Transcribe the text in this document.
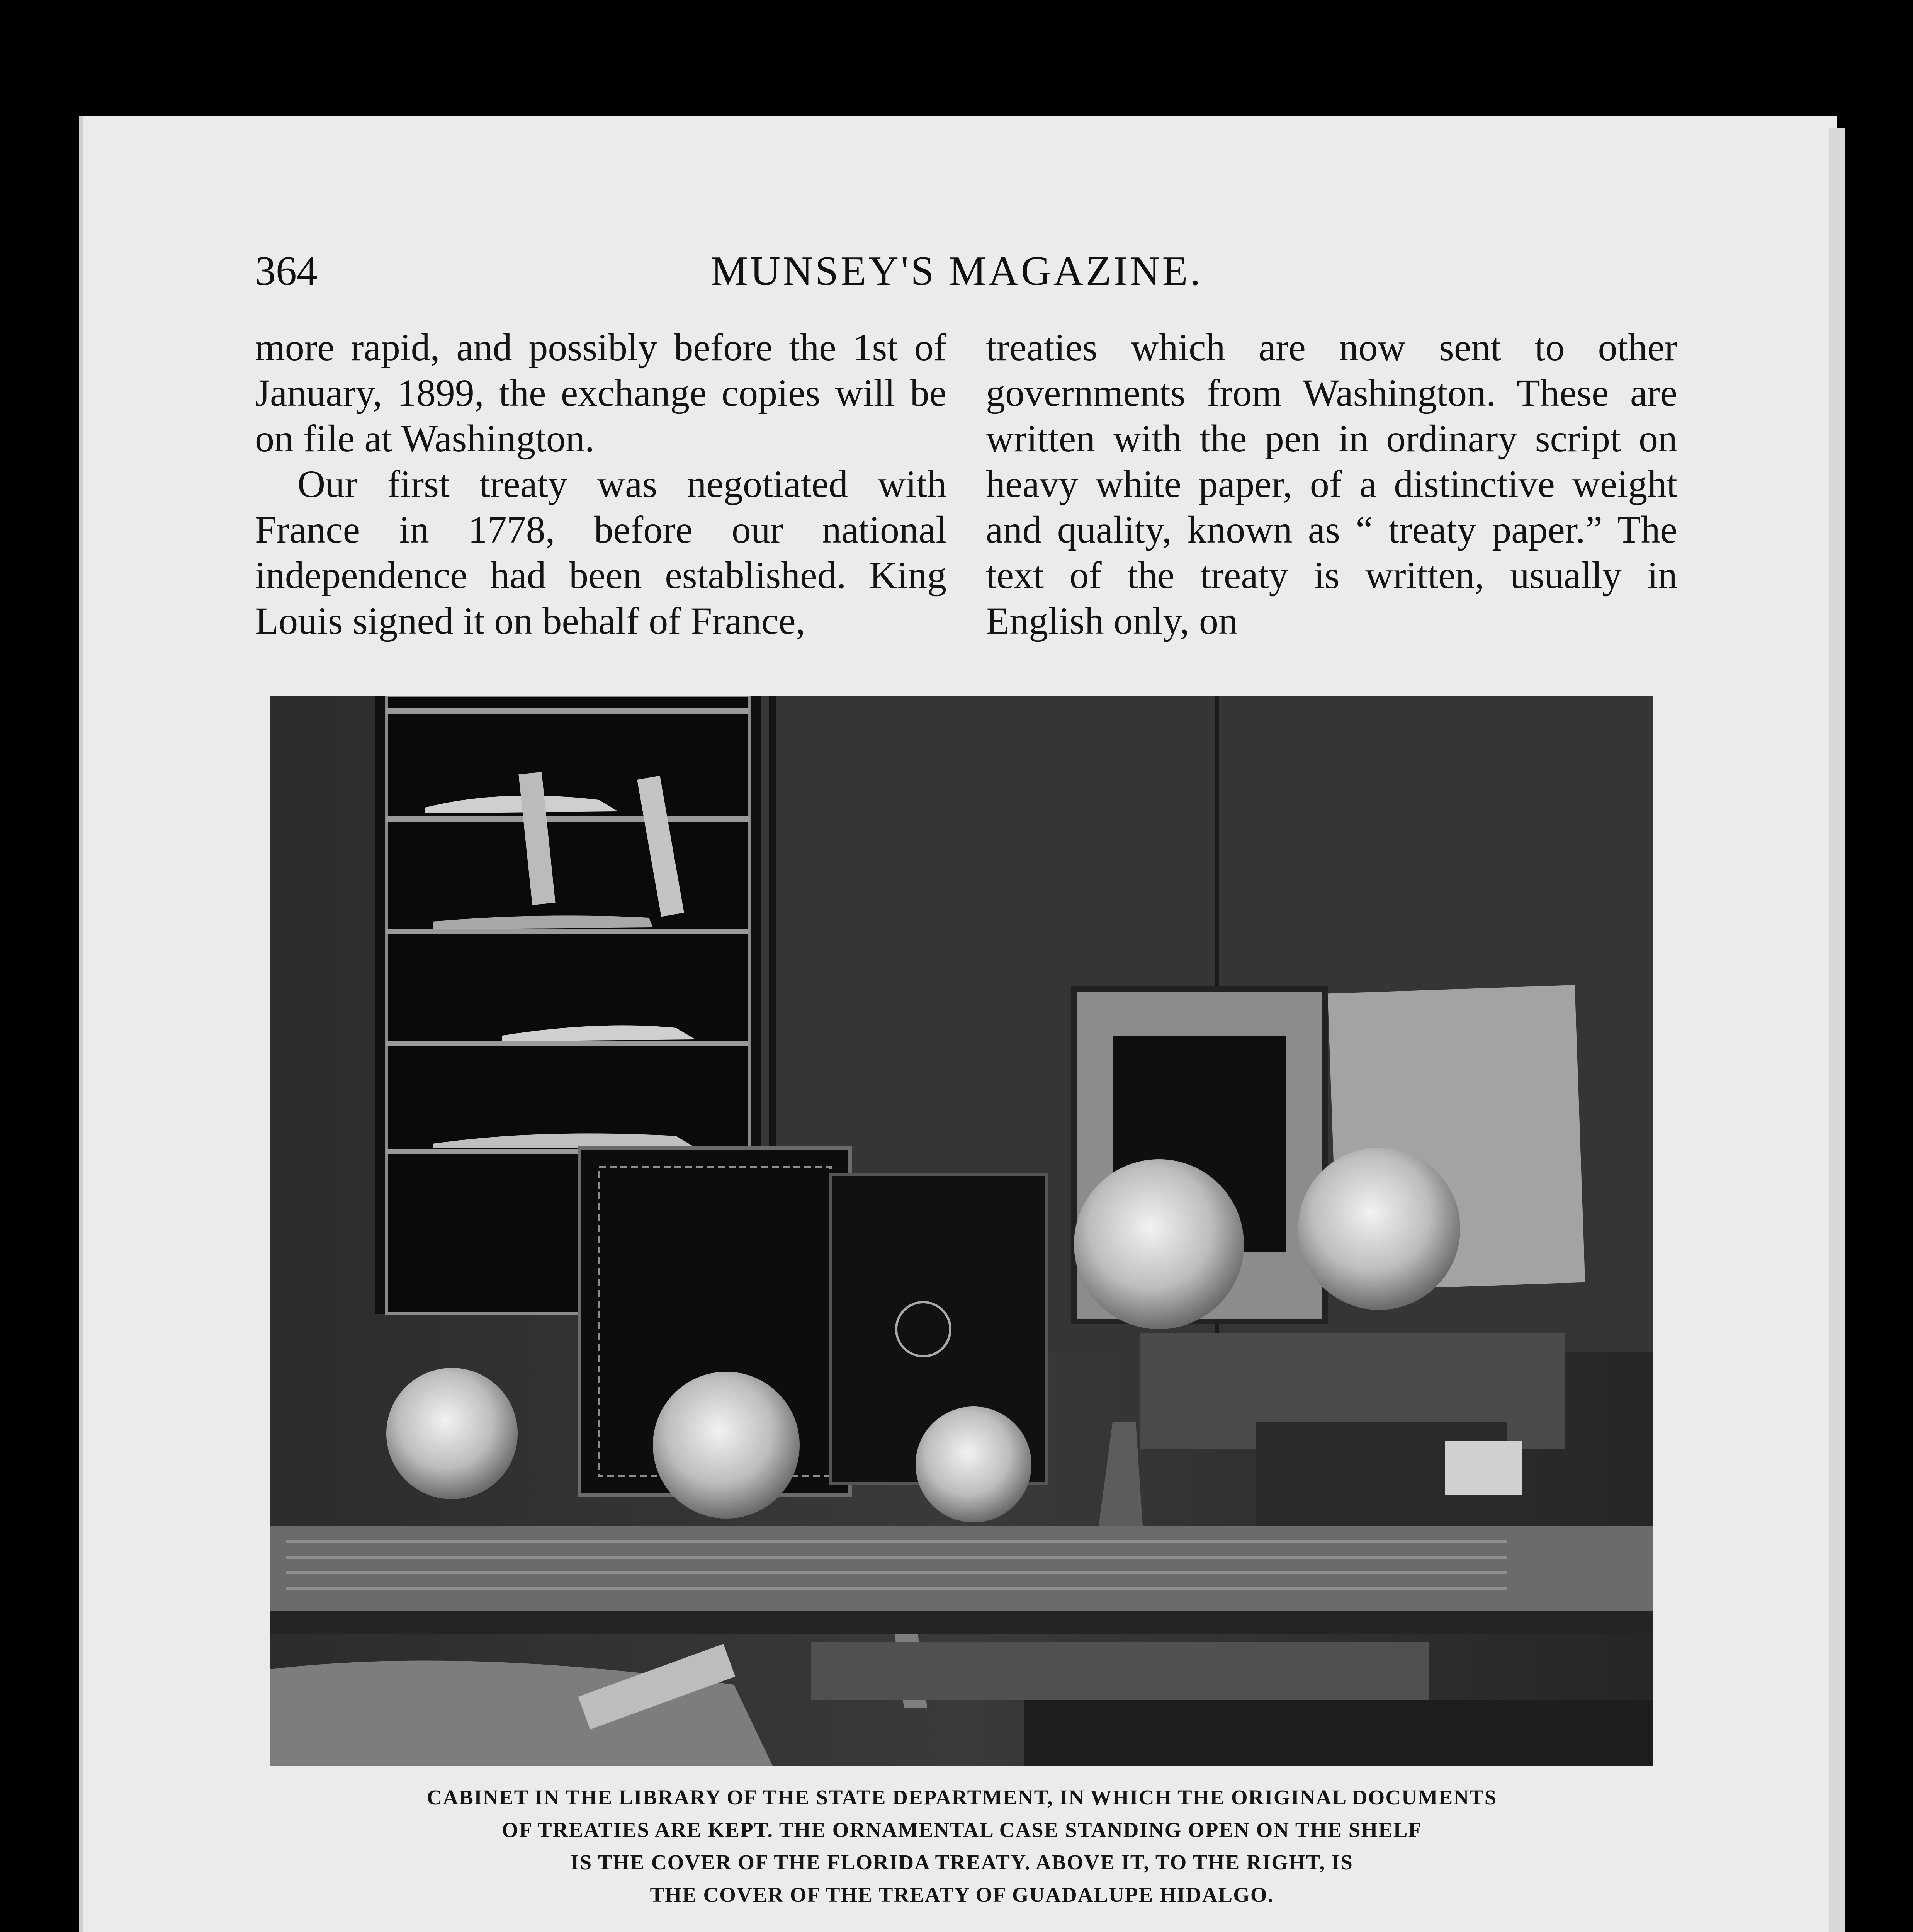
364	MUNSEY'S MAGAZINE.

more rapid, and possibly before the 1st of January, 1899, the exchange copies will be on file at Washington.

Our first treaty was negotiated with France in 1778, before our national independence had been established. King Louis signed it on behalf of France,

treaties which are now sent to other governments from Washington. These are written with the pen in ordinary script on heavy white paper, of a distinctive weight and quality, known as “ treaty paper.” The text of the treaty is written, usually in English only, on

CABINET IN THE LIBRARY OF THE STATE DEPARTMENT, IN WHICH THE ORIGINAL DOCUMENTS
OF TREATIES ARE KEPT. THE ORNAMENTAL CASE STANDING OPEN ON THE SHELF
IS THE COVER OF THE FLORIDA TREATY. ABOVE IT, TO THE RIGHT, IS
THE COVER OF THE TREATY OF GUADALUPE HIDALGO.
